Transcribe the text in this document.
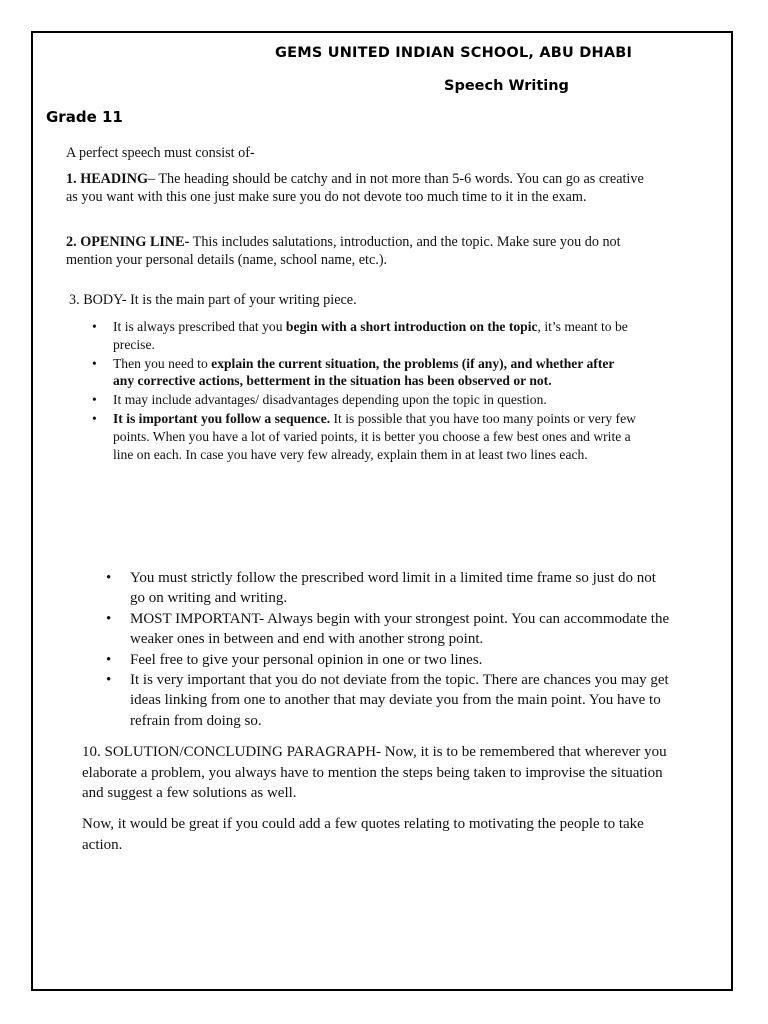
GEMS UNITED INDIAN SCHOOL, ABU DHABI
Speech Writing
Grade 11
A perfect speech must consist of-
1. HEADING– The heading should be catchy and in not more than 5-6 words. You can go as creative as you want with this one just make sure you do not devote too much time to it in the exam.
2. OPENING LINE- This includes salutations, introduction, and the topic. Make sure you do not mention your personal details (name, school name, etc.).
3. BODY- It is the main part of your writing piece.
• It is always prescribed that you begin with a short introduction on the topic, it’s meant to be precise.
• Then you need to explain the current situation, the problems (if any), and whether after any corrective actions, betterment in the situation has been observed or not.
• It may include advantages/ disadvantages depending upon the topic in question.
• It is important you follow a sequence. It is possible that you have too many points or very few points. When you have a lot of varied points, it is better you choose a few best ones and write a line on each. In case you have very few already, explain them in at least two lines each.
• You must strictly follow the prescribed word limit in a limited time frame so just do not go on writing and writing.
• MOST IMPORTANT- Always begin with your strongest point. You can accommodate the weaker ones in between and end with another strong point.
• Feel free to give your personal opinion in one or two lines.
• It is very important that you do not deviate from the topic. There are chances you may get ideas linking from one to another that may deviate you from the main point. You have to refrain from doing so.
10. SOLUTION/CONCLUDING PARAGRAPH- Now, it is to be remembered that wherever you elaborate a problem, you always have to mention the steps being taken to improvise the situation and suggest a few solutions as well.
Now, it would be great if you could add a few quotes relating to motivating the people to take action.
